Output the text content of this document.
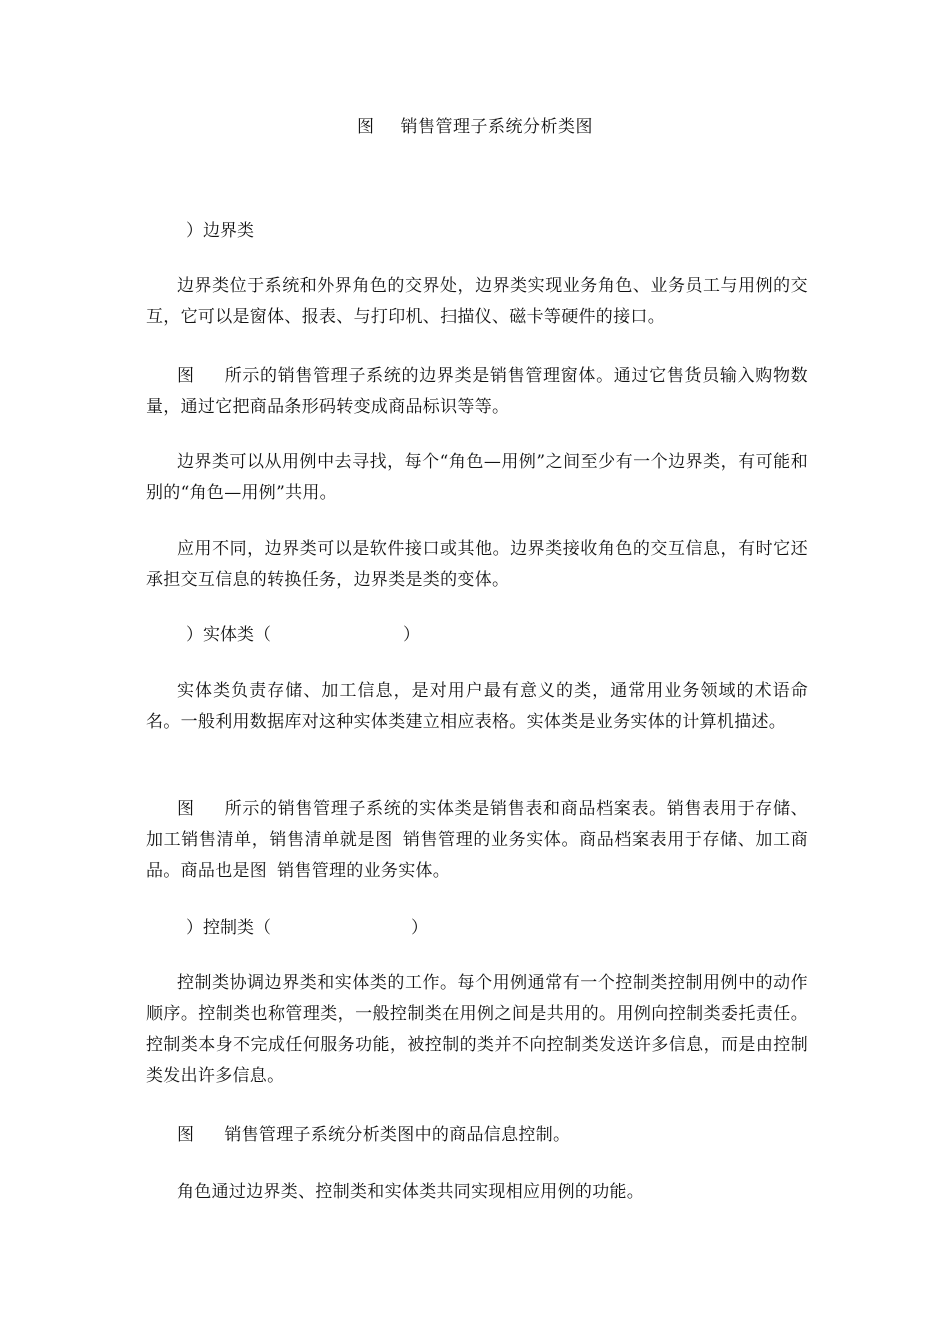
图 销售管理子系统分析类图
）边界类
边界类位于系统和外界角色的交界处，边界类实现业务角色、业务员工与用例的交互，它可以是窗体、报表、与打印机、扫描仪、磁卡等硬件的接口。
图 所示的销售管理子系统的边界类是销售管理窗体。通过它售货员输入购物数量，通过它把商品条形码转变成商品标识等等。
边界类可以从用例中去寻找，每个“角色—用例”之间至少有一个边界类，有可能和别的“角色—用例”共用。
应用不同，边界类可以是软件接口或其他。边界类接收角色的交互信息，有时它还承担交互信息的转换任务，边界类是类的变体。
）实体类（	）
实体类负责存储、加工信息，是对用户最有意义的类，通常用业务领域的术语命名。一般利用数据库对这种实体类建立相应表格。实体类是业务实体的计算机描述。
图 所示的销售管理子系统的实体类是销售表和商品档案表。销售表用于存储、加工销售清单，销售清单就是图 销售管理的业务实体。商品档案表用于存储、加工商品。商品也是图 销售管理的业务实体。
）控制类（	）
控制类协调边界类和实体类的工作。每个用例通常有一个控制类控制用例中的动作顺序。控制类也称管理类，一般控制类在用例之间是共用的。用例向控制类委托责任。控制类本身不完成任何服务功能，被控制的类并不向控制类发送许多信息，而是由控制类发出许多信息。
图 销售管理子系统分析类图中的商品信息控制。
角色通过边界类、控制类和实体类共同实现相应用例的功能。
